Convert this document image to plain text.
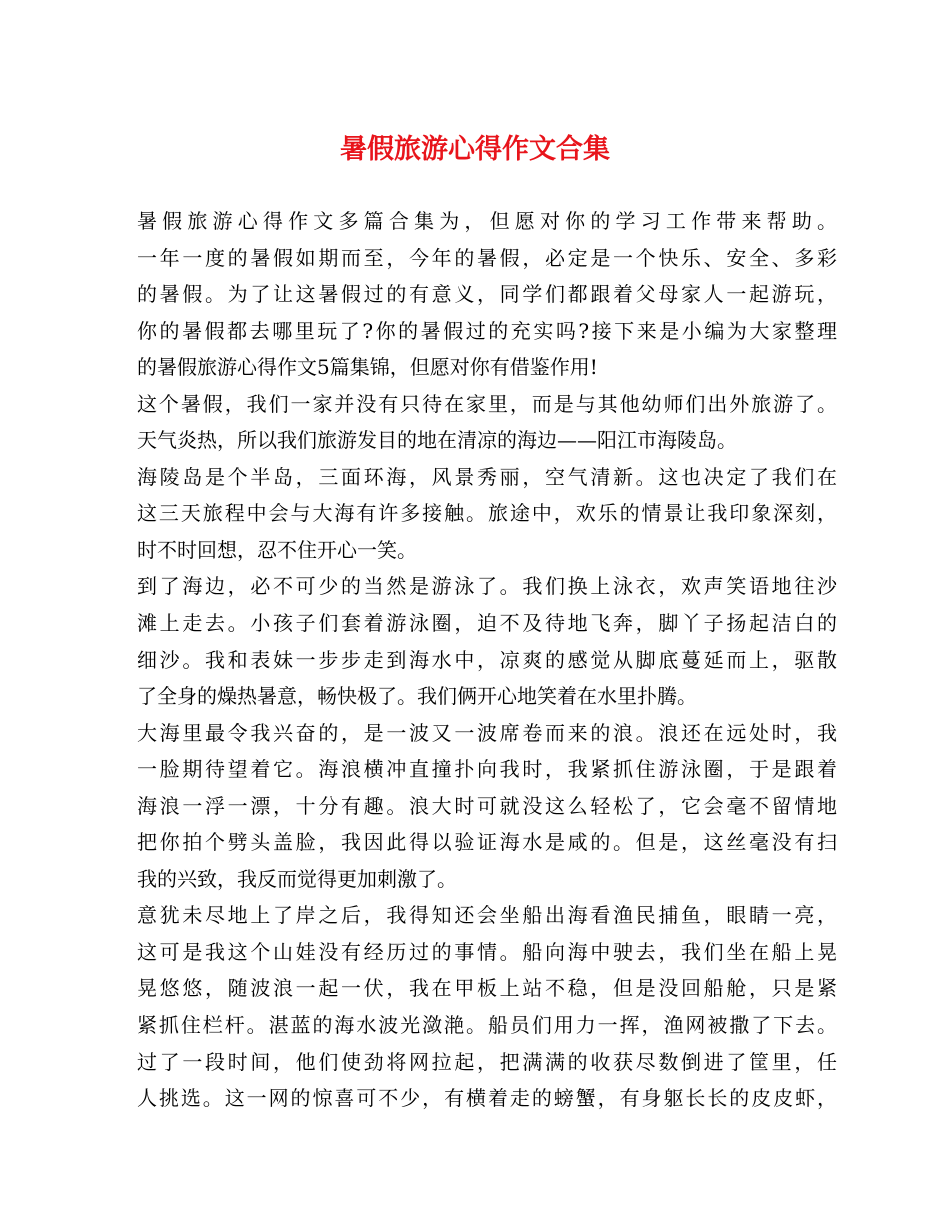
暑假旅游心得作文合集
暑假旅游心得作文多篇合集为，但愿对你的学习工作带来帮助。
一年一度的暑假如期而至，今年的暑假，必定是一个快乐、安全、多彩
的暑假。为了让这暑假过的有意义，同学们都跟着父母家人一起游玩，
你的暑假都去哪里玩了?你的暑假过的充实吗?接下来是小编为大家整理
的暑假旅游心得作文5篇集锦，但愿对你有借鉴作用!
这个暑假，我们一家并没有只待在家里，而是与其他幼师们出外旅游了。
天气炎热，所以我们旅游发目的地在清凉的海边——阳江市海陵岛。
海陵岛是个半岛，三面环海，风景秀丽，空气清新。这也决定了我们在
这三天旅程中会与大海有许多接触。旅途中，欢乐的情景让我印象深刻，
时不时回想，忍不住开心一笑。
到了海边，必不可少的当然是游泳了。我们换上泳衣，欢声笑语地往沙
滩上走去。小孩子们套着游泳圈，迫不及待地飞奔，脚丫子扬起洁白的
细沙。我和表妹一步步走到海水中，凉爽的感觉从脚底蔓延而上，驱散
了全身的燥热暑意，畅快极了。我们俩开心地笑着在水里扑腾。
大海里最令我兴奋的，是一波又一波席卷而来的浪。浪还在远处时，我
一脸期待望着它。海浪横冲直撞扑向我时，我紧抓住游泳圈，于是跟着
海浪一浮一漂，十分有趣。浪大时可就没这么轻松了，它会毫不留情地
把你拍个劈头盖脸，我因此得以验证海水是咸的。但是，这丝毫没有扫
我的兴致，我反而觉得更加刺激了。
意犹未尽地上了岸之后，我得知还会坐船出海看渔民捕鱼，眼睛一亮，
这可是我这个山娃没有经历过的事情。船向海中驶去，我们坐在船上晃
晃悠悠，随波浪一起一伏，我在甲板上站不稳，但是没回船舱，只是紧
紧抓住栏杆。湛蓝的海水波光潋滟。船员们用力一挥，渔网被撒了下去。
过了一段时间，他们使劲将网拉起，把满满的收获尽数倒进了筐里，任
人挑选。这一网的惊喜可不少，有横着走的螃蟹，有身躯长长的皮皮虾，
